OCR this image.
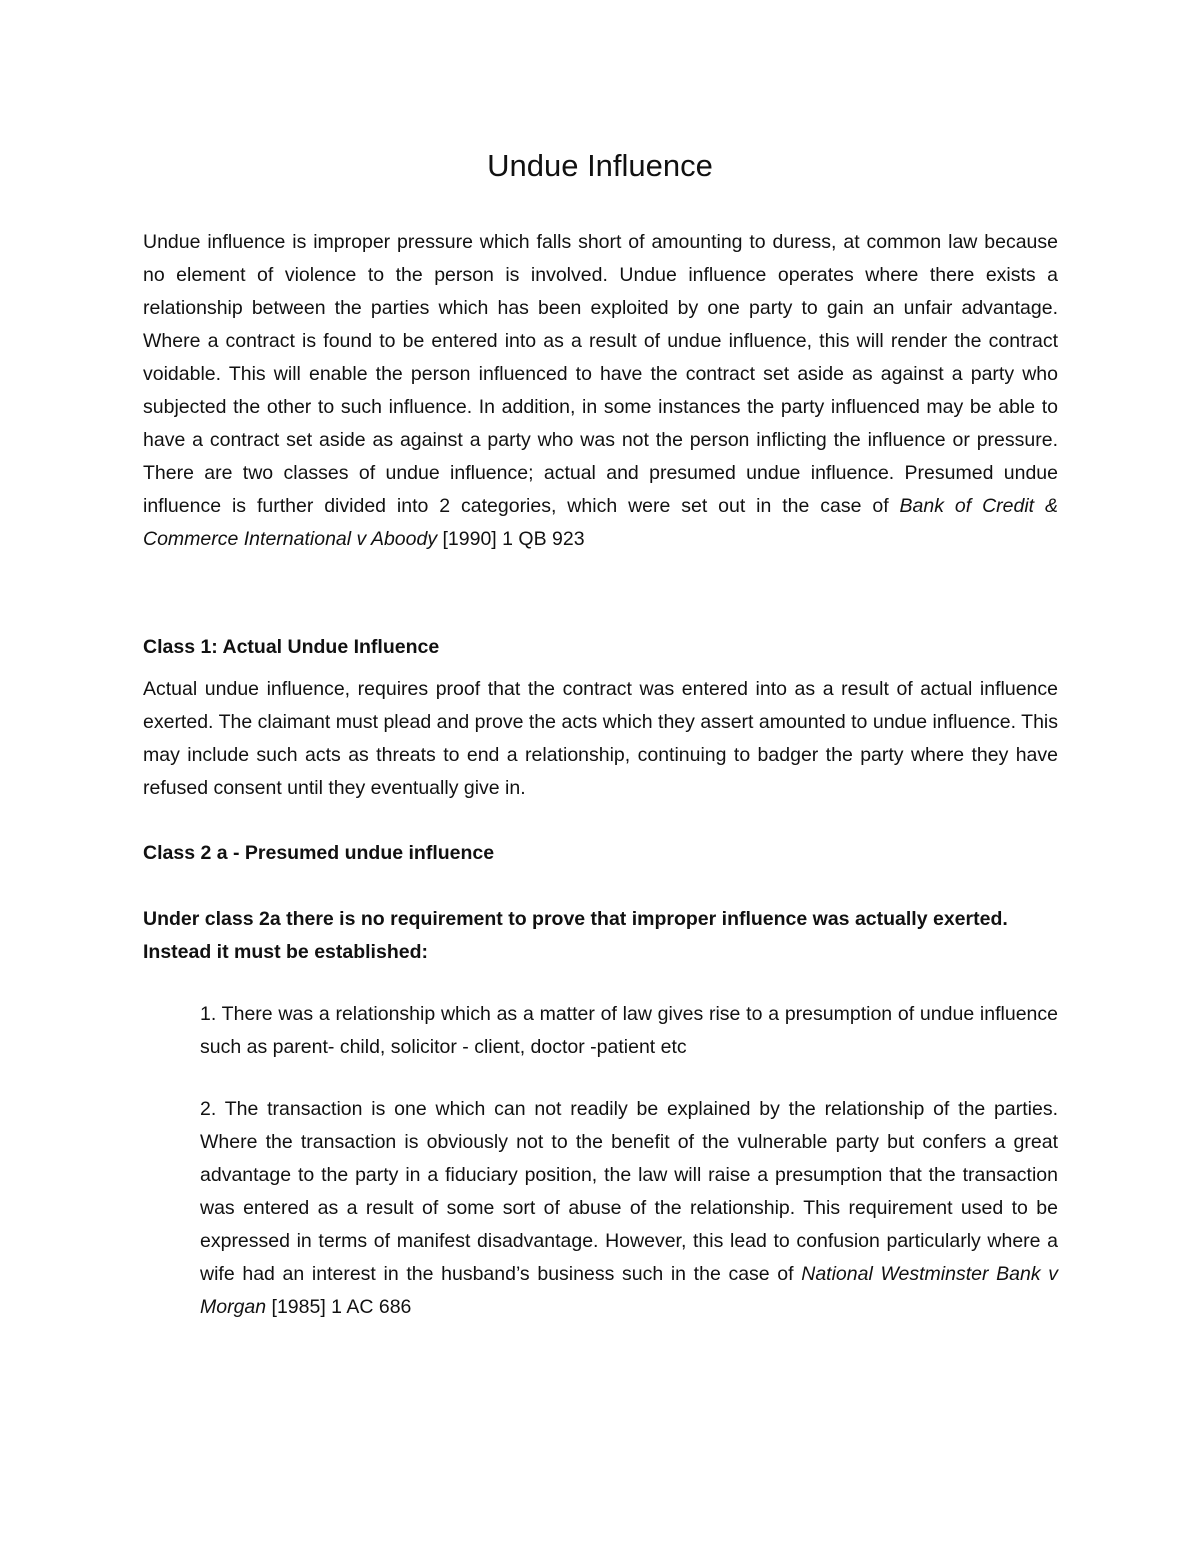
Undue Influence

Undue influence is improper pressure which falls short of amounting to duress, at common law because no element of violence to the person is involved. Undue influence operates where there exists a relationship between the parties which has been exploited by one party to gain an unfair advantage. Where a contract is found to be entered into as a result of undue influence, this will render the contract voidable. This will enable the person influenced to have the contract set aside as against a party who subjected the other to such influence. In addition, in some instances the party influenced may be able to have a contract set aside as against a party who was not the person inflicting the influence or pressure. There are two classes of undue influence; actual and presumed undue influence. Presumed undue influence is further divided into 2 categories, which were set out in the case of Bank of Credit & Commerce International v Aboody [1990] 1 QB 923

Class 1: Actual Undue Influence

Actual undue influence, requires proof that the contract was entered into as a result of actual influence exerted. The claimant must plead and prove the acts which they assert amounted to undue influence. This may include such acts as threats to end a relationship, continuing to badger the party where they have refused consent until they eventually give in.

Class 2 a - Presumed undue influence

Under class 2a there is no requirement to prove that improper influence was actually exerted. Instead it must be established:

1. There was a relationship which as a matter of law gives rise to a presumption of undue influence such as parent- child, solicitor - client, doctor -patient etc

2. The transaction is one which can not readily be explained by the relationship of the parties. Where the transaction is obviously not to the benefit of the vulnerable party but confers a great advantage to the party in a fiduciary position, the law will raise a presumption that the transaction was entered as a result of some sort of abuse of the relationship. This requirement used to be expressed in terms of manifest disadvantage. However, this lead to confusion particularly where a wife had an interest in the husband’s business such in the case of National Westminster Bank v Morgan [1985] 1 AC 686
